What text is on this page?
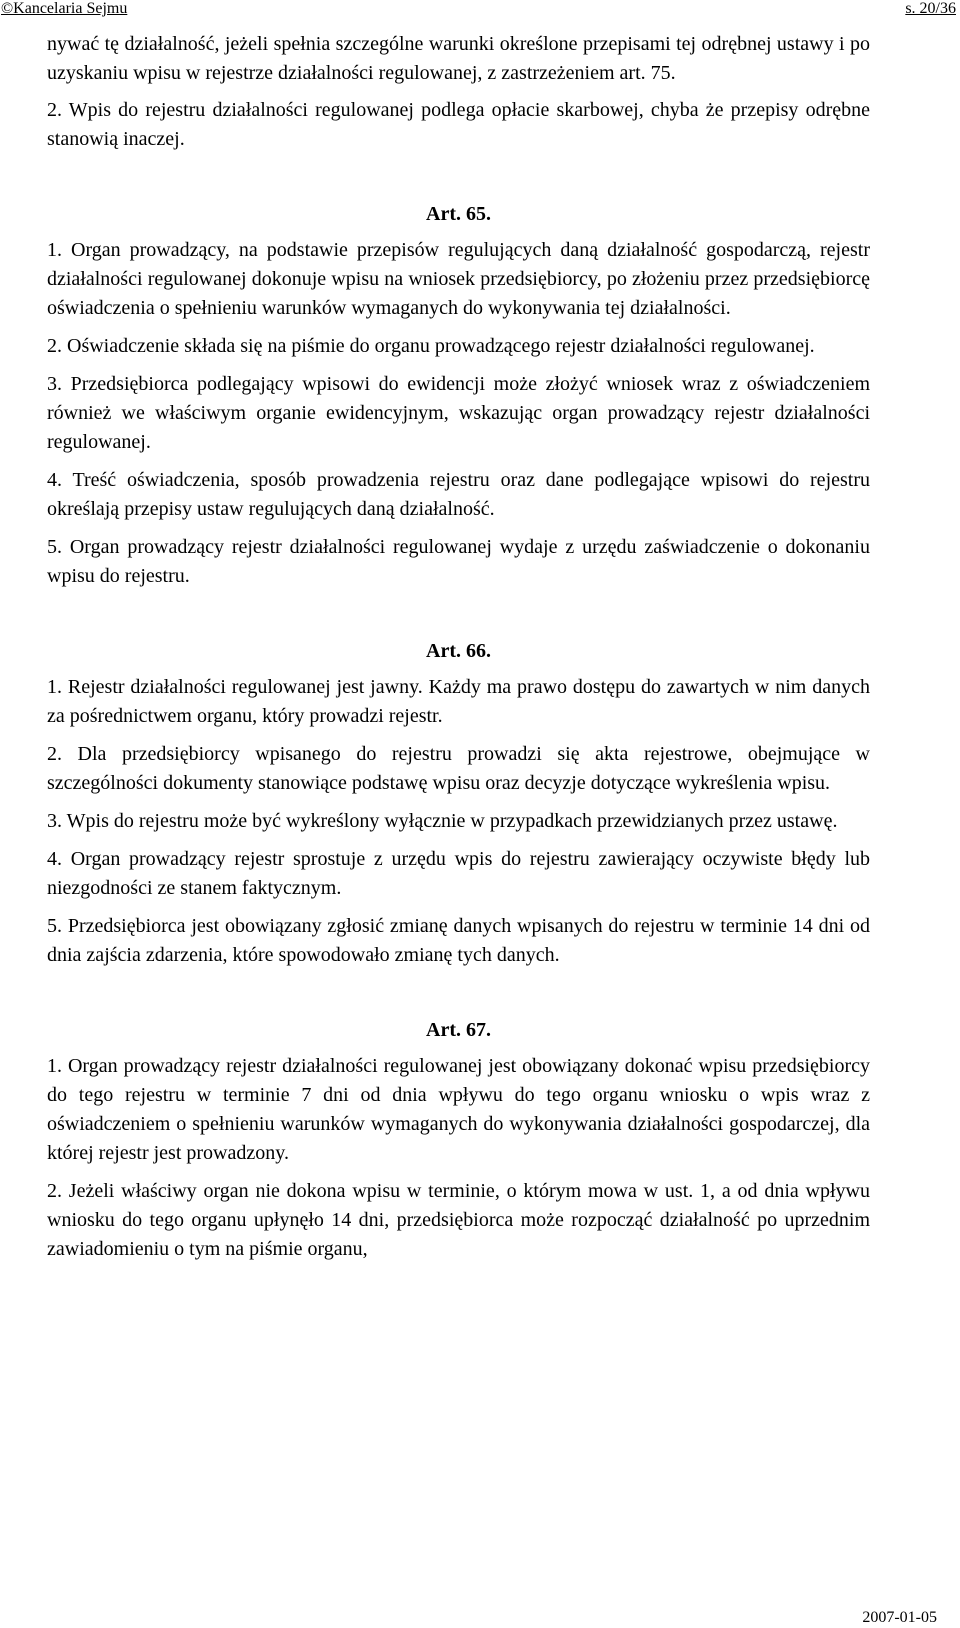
©Kancelaria Sejmu	s. 20/36

nywać tę działalność, jeżeli spełnia szczególne warunki określone przepisami tej odrębnej ustawy i po uzyskaniu wpisu w rejestrze działalności regulowanej, z zastrzeżeniem art. 75.

2. Wpis do rejestru działalności regulowanej podlega opłacie skarbowej, chyba że przepisy odrębne stanowią inaczej.

Art. 65.

1. Organ prowadzący, na podstawie przepisów regulujących daną działalność gospodarczą, rejestr działalności regulowanej dokonuje wpisu na wniosek przedsiębiorcy, po złożeniu przez przedsiębiorcę oświadczenia o spełnieniu warunków wymaganych do wykonywania tej działalności.

2. Oświadczenie składa się na piśmie do organu prowadzącego rejestr działalności regulowanej.

3. Przedsiębiorca podlegający wpisowi do ewidencji może złożyć wniosek wraz z oświadczeniem również we właściwym organie ewidencyjnym, wskazując organ prowadzący rejestr działalności regulowanej.

4. Treść oświadczenia, sposób prowadzenia rejestru oraz dane podlegające wpisowi do rejestru określają przepisy ustaw regulujących daną działalność.

5. Organ prowadzący rejestr działalności regulowanej wydaje z urzędu zaświadczenie o dokonaniu wpisu do rejestru.

Art. 66.

1. Rejestr działalności regulowanej jest jawny. Każdy ma prawo dostępu do zawartych w nim danych za pośrednictwem organu, który prowadzi rejestr.

2. Dla przedsiębiorcy wpisanego do rejestru prowadzi się akta rejestrowe, obejmujące w szczególności dokumenty stanowiące podstawę wpisu oraz decyzje dotyczące wykreślenia wpisu.

3. Wpis do rejestru może być wykreślony wyłącznie w przypadkach przewidzianych przez ustawę.

4. Organ prowadzący rejestr sprostuje z urzędu wpis do rejestru zawierający oczywiste błędy lub niezgodności ze stanem faktycznym.

5. Przedsiębiorca jest obowiązany zgłosić zmianę danych wpisanych do rejestru w terminie 14 dni od dnia zajścia zdarzenia, które spowodowało zmianę tych danych.

Art. 67.

1. Organ prowadzący rejestr działalności regulowanej jest obowiązany dokonać wpisu przedsiębiorcy do tego rejestru w terminie 7 dni od dnia wpływu do tego organu wniosku o wpis wraz z oświadczeniem o spełnieniu warunków wymaganych do wykonywania działalności gospodarczej, dla której rejestr jest prowadzony.

2. Jeżeli właściwy organ nie dokona wpisu w terminie, o którym mowa w ust. 1, a od dnia wpływu wniosku do tego organu upłynęło 14 dni, przedsiębiorca może rozpocząć działalność po uprzednim zawiadomieniu o tym na piśmie organu,

2007-01-05
